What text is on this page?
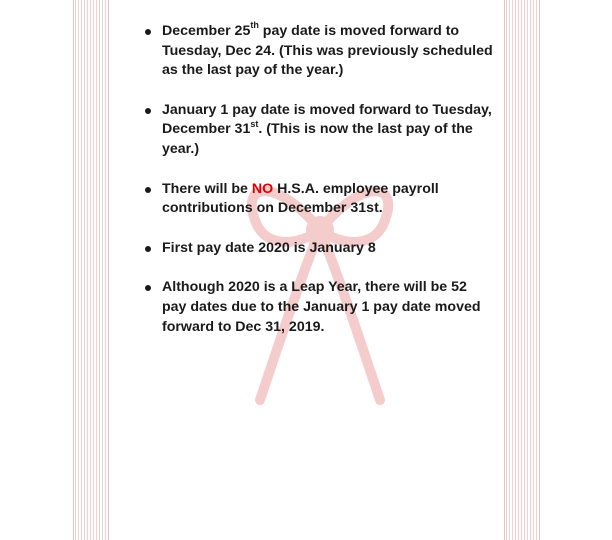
December 25th pay date is moved forward to Tuesday, Dec 24. (This was previously scheduled as the last pay of the year.)
January 1 pay date is moved forward to Tuesday, December 31st. (This is now the last pay of the year.)
There will be NO H.S.A. employee payroll contributions on December 31st.
First pay date 2020 is January 8
Although 2020 is a Leap Year, there will be 52 pay dates due to the January 1 pay date moved forward to Dec 31, 2019.
